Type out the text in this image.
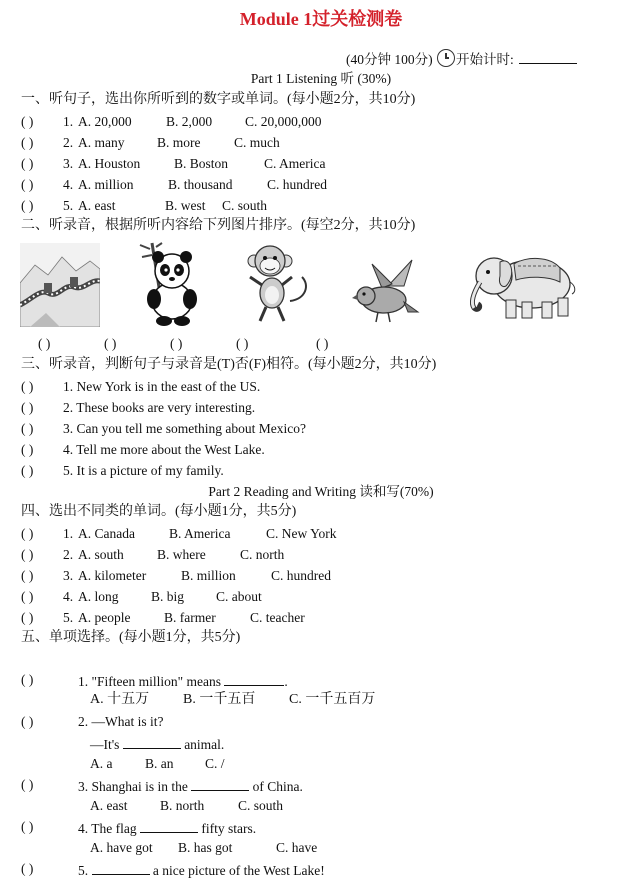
Module 1过关检测卷
(40分钟 100分) 开始计时:
Part 1 Listening 听 (30%)
一、听句子，选出你所听到的数字或单词。(每小题2分，共10分)
( ) 1. A. 20,000	B. 2,000 C. 20,000,000
( ) 2. A. many B. more C. much
( ) 3. A. Houston B. Boston	C. America
( ) 4. A. million	B. thousand	C. hundred
( ) 5. A. east	B. west C. south
二、听录音，根据所听内容给下列图片排序。(每空2分，共10分)
( )	( )	( )	( )	( )
三、听录音，判断句子与录音是(T)否(F)相符。(每小题2分，共10分)
( ) 1. New York is in the east of the US.
( ) 2. These books are very interesting.
( ) 3. Can you tell me something about Mexico?
( ) 4. Tell me more about the West Lake.
( ) 5. It is a picture of my family.
Part 2 Reading and Writing 读和写(70%)
四、选出不同类的单词。(每小题1分，共5分)
( ) 1. A. Canada	B. America	C. New York
( ) 2. A. south B. where	C. north
( ) 3. A. kilometer	B. million	C. hundred
( ) 4. A. long B. big C. about
( ) 5. A. people B. farmer	C. teacher
五、单项选择。(每小题1分，共5分)
( )	1. "Fifteen million" means	.
A. 十五万 B. 一千五百 C. 一千五百万
( )	2. —What is it?
—It's	animal.
A. a B. an C. /
( )	3. Shanghai is in the	of China.
A. east B. north C. south
( )	4. The flag	fifty stars.
A. have got B. has got	C. have
( )	5.	a nice picture of the West Lake!
